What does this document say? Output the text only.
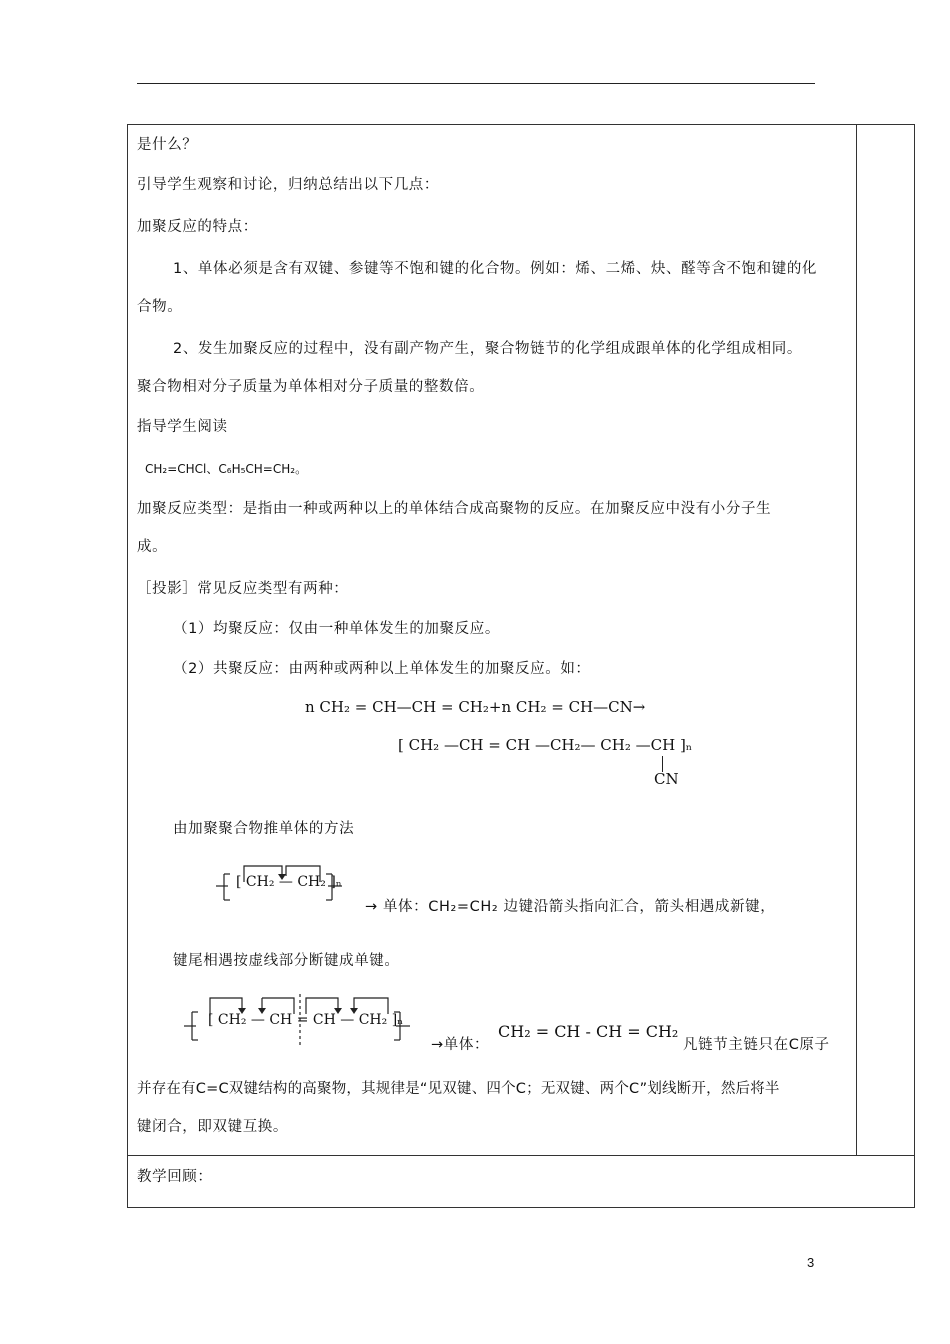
是什么？
引导学生观察和讨论，归纳总结出以下几点：
加聚反应的特点：
1、单体必须是含有双键、参键等不饱和键的化合物。例如：烯、二烯、炔、醛等含不饱和键的化
合物。
2、发生加聚反应的过程中，没有副产物产生，聚合物链节的化学组成跟单体的化学组成相同。
聚合物相对分子质量为单体相对分子质量的整数倍。
指导学生阅读
CH₂=CHCl、C₆H₅CH=CH₂。
加聚反应类型：是指由一种或两种以上的单体结合成高聚物的反应。在加聚反应中没有小分子生
成。
［投影］常见反应类型有两种：
（1）均聚反应：仅由一种单体发生的加聚反应。
（2）共聚反应：由两种或两种以上单体发生的加聚反应。如：
n CH₂ = CH—CH = CH₂+n CH₂ = CH—CN→
[ CH₂ —CH = CH —CH₂— CH₂ —CH ]ₙ
CN
由加聚聚合物推单体的方法
[ CH₂ — CH₂ ]ₙ
→ 单体：CH₂=CH₂ 边键沿箭头指向汇合，箭头相遇成新键，
键尾相遇按虚线部分断键成单键。
[ CH₂ — CH = CH — CH₂ ]ₙ
→单体：
CH₂ = CH - CH = CH₂
凡链节主链只在C原子
并存在有C=C双键结构的高聚物，其规律是“见双键、四个C；无双键、两个C”划线断开，然后将半
键闭合，即双键互换。
教学回顾：
3
